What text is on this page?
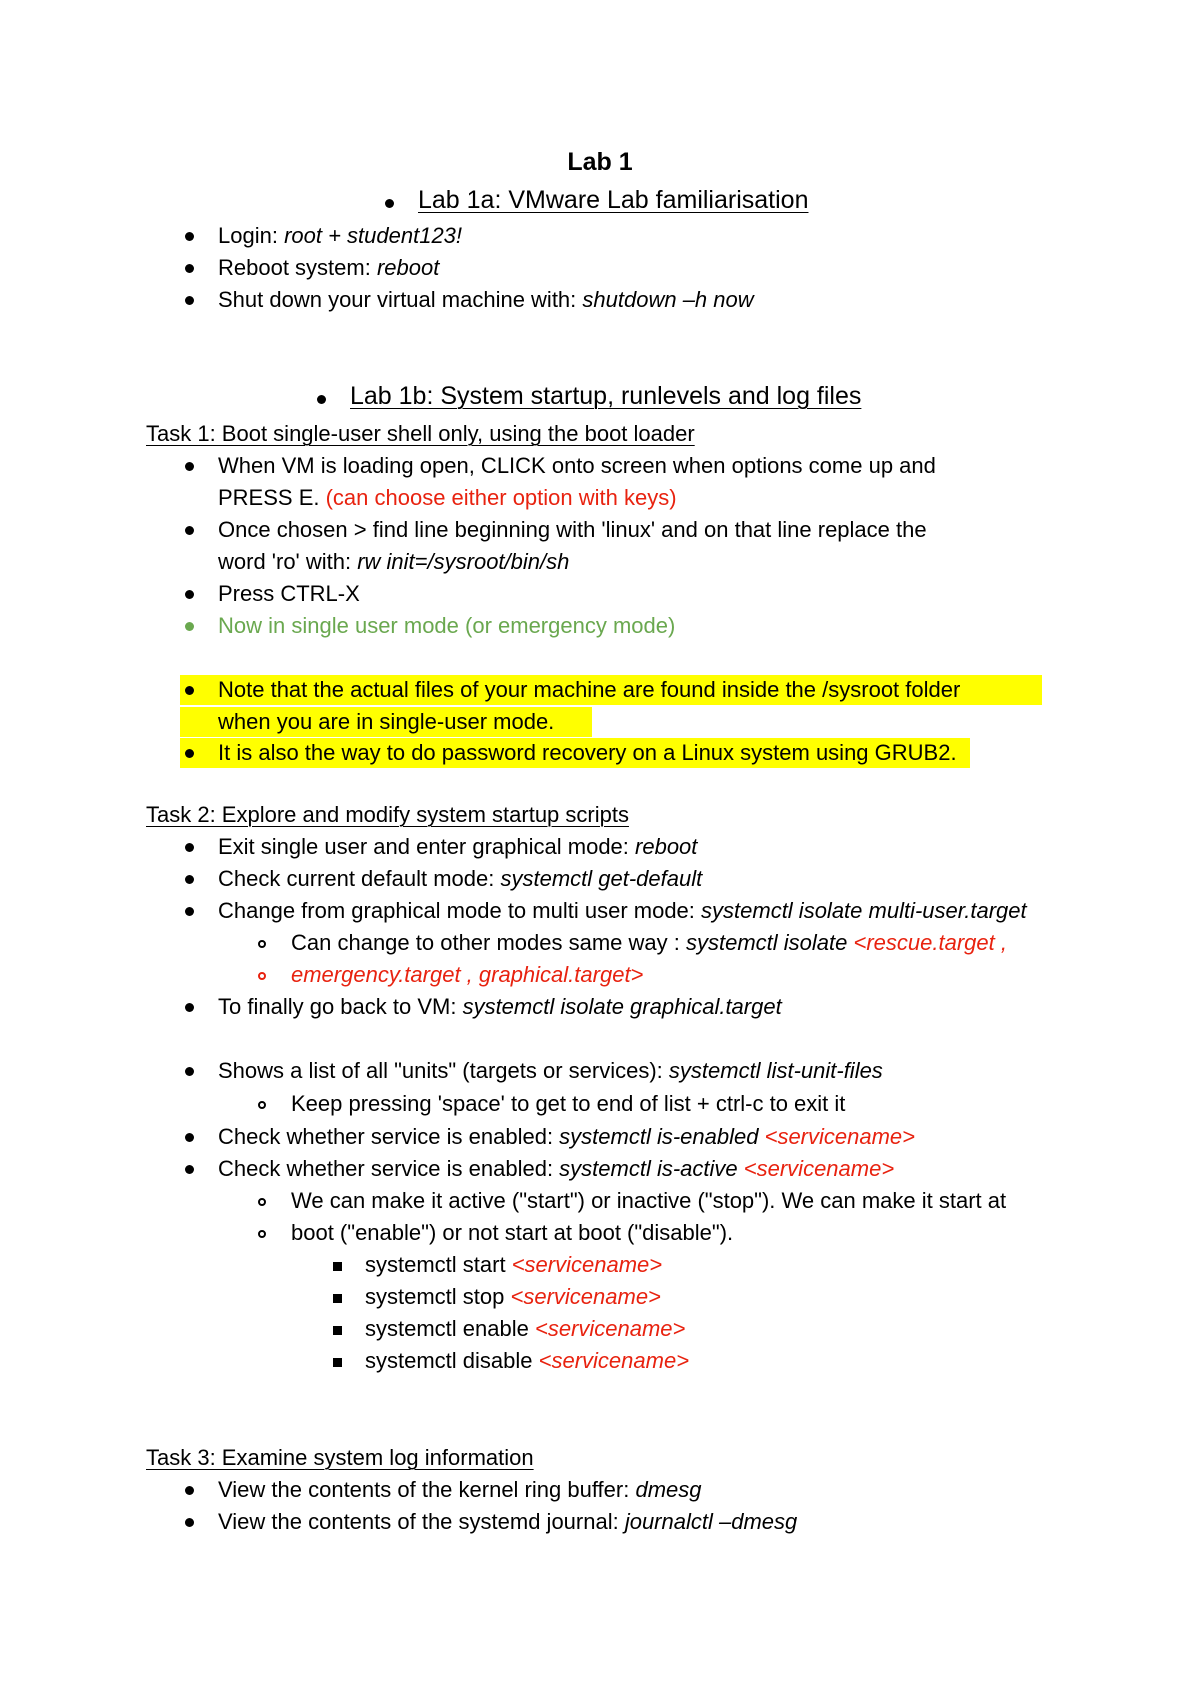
Lab 1
Lab 1a: VMware Lab familiarisation
Login: root + student123!
Reboot system: reboot
Shut down your virtual machine with: shutdown –h now
Lab 1b: System startup, runlevels and log files
Task 1: Boot single-user shell only, using the boot loader
When VM is loading open, CLICK onto screen when options come up and
PRESS E. (can choose either option with keys)
Once chosen > find line beginning with 'linux' and on that line replace the
word 'ro' with: rw init=/sysroot/bin/sh
Press CTRL-X
Now in single user mode (or emergency mode)
Note that the actual files of your machine are found inside the /sysroot folder
when you are in single-user mode.
It is also the way to do password recovery on a Linux system using GRUB2.
Task 2: Explore and modify system startup scripts
Exit single user and enter graphical mode: reboot
Check current default mode: systemctl get-default
Change from graphical mode to multi user mode: systemctl isolate multi-user.target
Can change to other modes same way : systemctl isolate <rescue.target ,
emergency.target , graphical.target>
To finally go back to VM: systemctl isolate graphical.target
Shows a list of all "units" (targets or services): systemctl list-unit-files
Keep pressing 'space' to get to end of list + ctrl-c to exit it
Check whether service is enabled: systemctl is-enabled <servicename>
Check whether service is enabled: systemctl is-active <servicename>
We can make it active ("start") or inactive ("stop"). We can make it start at
boot ("enable") or not start at boot ("disable").
systemctl start <servicename>
systemctl stop <servicename>
systemctl enable <servicename>
systemctl disable <servicename>
Task 3: Examine system log information
View the contents of the kernel ring buffer: dmesg
View the contents of the systemd journal: journalctl –dmesg
